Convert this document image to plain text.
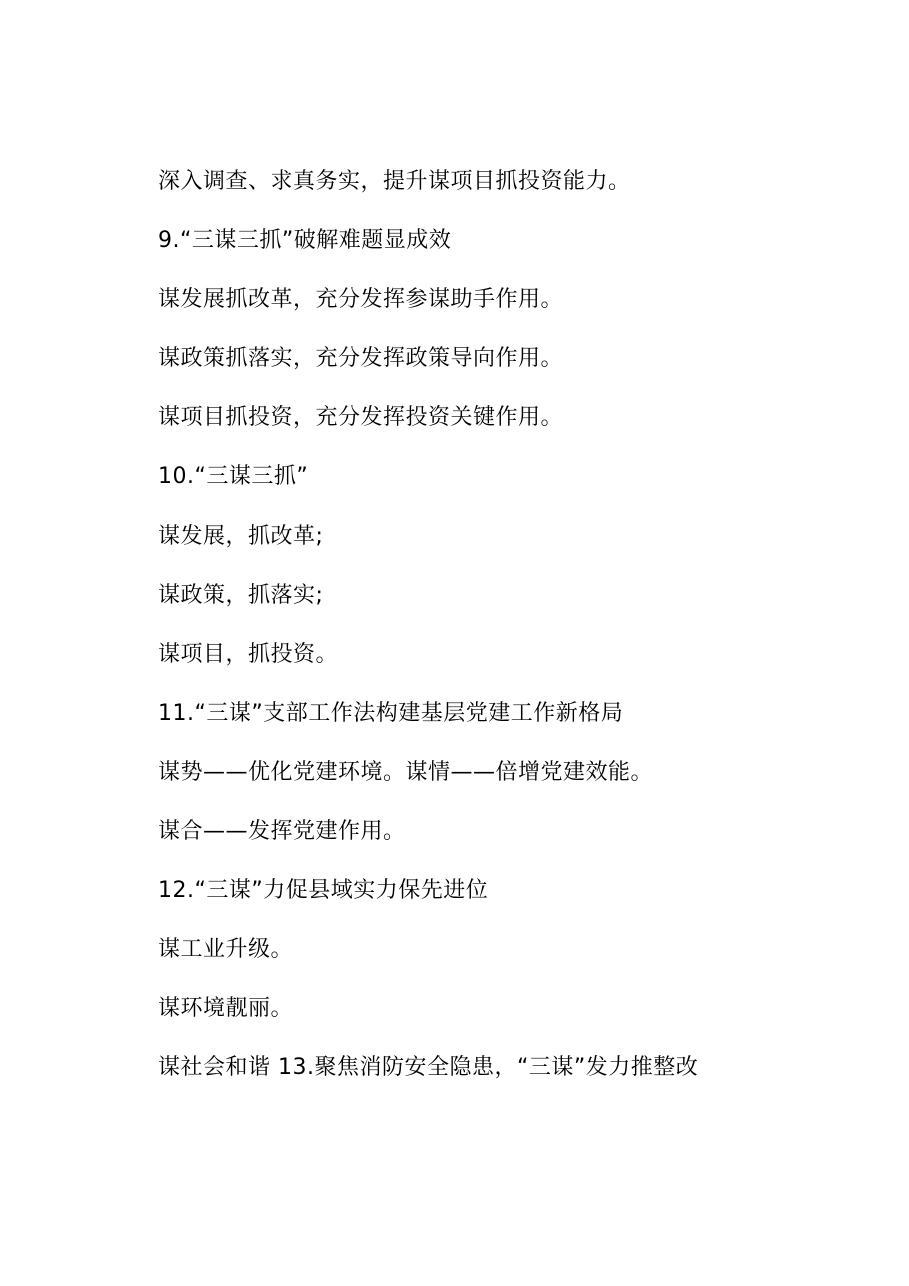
深入调查、求真务实，提升谋项目抓投资能力。
9.“三谋三抓”破解难题显成效
谋发展抓改革，充分发挥参谋助手作用。
谋政策抓落实，充分发挥政策导向作用。
谋项目抓投资，充分发挥投资关键作用。
10.“三谋三抓”
谋发展，抓改革;
谋政策，抓落实;
谋项目，抓投资。
11.“三谋”支部工作法构建基层党建工作新格局
谋势——优化党建环境。谋情——倍增党建效能。
谋合——发挥党建作用。
12.“三谋”力促县域实力保先进位
谋工业升级。
谋环境靓丽。
谋社会和谐 13.聚焦消防安全隐患，“三谋”发力推整改
